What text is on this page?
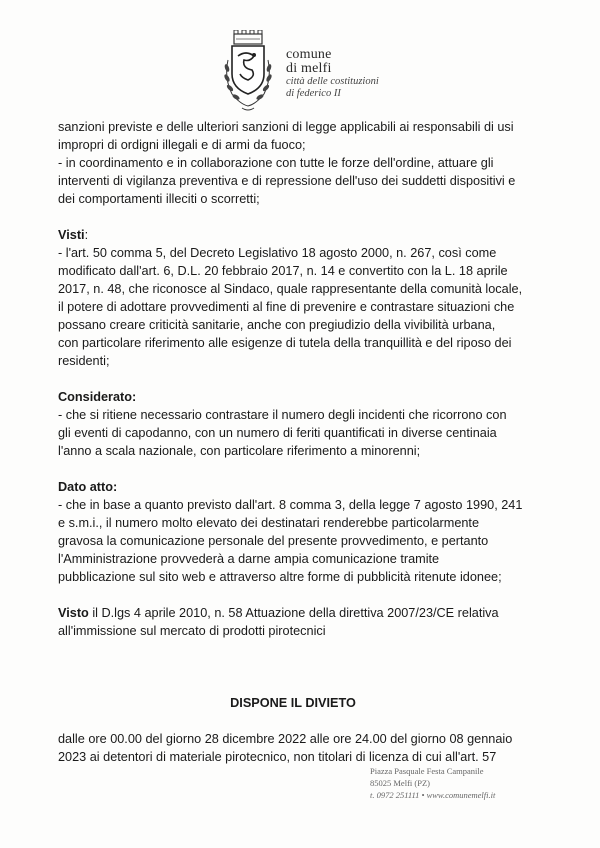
comune
di melfi
città delle costituzioni
di federico II
sanzioni previste e delle ulteriori sanzioni di legge applicabili ai responsabili di usi
impropri di ordigni illegali e di armi da fuoco;
- in coordinamento e in collaborazione con tutte le forze dell'ordine, attuare gli
interventi di vigilanza preventiva e di repressione dell'uso dei suddetti dispositivi e
dei comportamenti illeciti o scorretti;
Visti:
- l'art. 50 comma 5, del Decreto Legislativo 18 agosto 2000, n. 267, così come
modificato dall'art. 6, D.L. 20 febbraio 2017, n. 14 e convertito con la L. 18 aprile
2017, n. 48, che riconosce al Sindaco, quale rappresentante della comunità locale,
il potere di adottare provvedimenti al fine di prevenire e contrastare situazioni che
possano creare criticità sanitarie, anche con pregiudizio della vivibilità urbana,
con particolare riferimento alle esigenze di tutela della tranquillità e del riposo dei
residenti;
Considerato:
- che si ritiene necessario contrastare il numero degli incidenti che ricorrono con
gli eventi di capodanno, con un numero di feriti quantificati in diverse centinaia
l'anno a scala nazionale, con particolare riferimento a minorenni;
Dato atto:
- che in base a quanto previsto dall'art. 8 comma 3, della legge 7 agosto 1990, 241
e s.m.i., il numero molto elevato dei destinatari renderebbe particolarmente
gravosa la comunicazione personale del presente provvedimento, e pertanto
l'Amministrazione provvederà a darne ampia comunicazione tramite
pubblicazione sul sito web e attraverso altre forme di pubblicità ritenute idonee;
Visto il D.lgs 4 aprile 2010, n. 58 Attuazione della direttiva 2007/23/CE relativa
all'immissione sul mercato di prodotti pirotecnici
DISPONE IL DIVIETO
dalle ore 00.00 del giorno 28 dicembre 2022 alle ore 24.00 del giorno 08 gennaio
2023 ai detentori di materiale pirotecnico, non titolari di licenza di cui all'art. 57
Piazza Pasquale Festa Campanile
85025 Melfi (PZ)
t. 0972 251111 • www.comunemelfi.it
